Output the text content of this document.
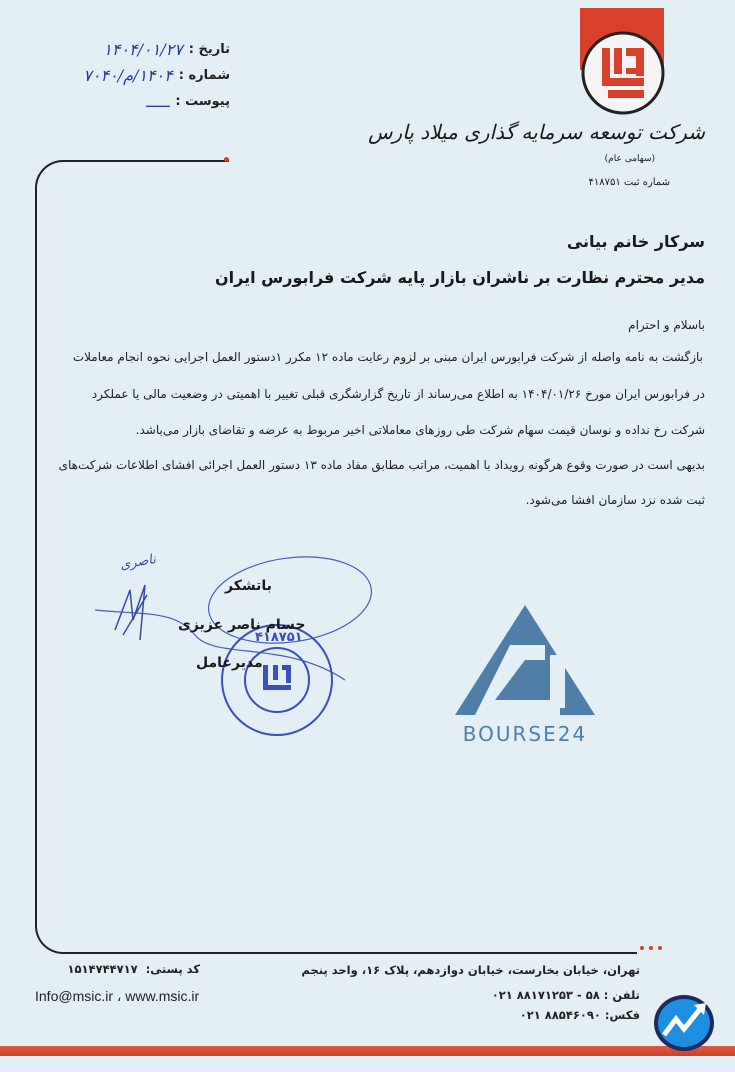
تاریخ :
۱۴۰۴/۰۱/۲۷
شماره :
۱۴۰۴/م/۷۰۴۰
پیوست :
ـــــ
شرکت توسعه سرمایه گذاری میلاد پارس
(سهامی عام)
شماره ثبت ۴۱۸۷۵۱
سرکار خانم بیانی
مدیر محترم نظارت بر ناشران بازار پایه شرکت فرابورس ایران
باسلام و احترام
بازگشت به نامه واصله از شرکت فرابورس ایران مبنی بر لزوم رعایت ماده ۱۲ مکرر ۱دستور العمل اجرایی نحوه انجام معاملات
در فرابورس ایران مورخ ۱۴۰۴/۰۱/۲۶ به اطلاع می‌رساند از تاریخ گزارشگری قبلی تغییر با اهمیتی در وضعیت مالی یا عملکرد
شرکت رخ نداده و نوسان قیمت سهام شرکت طی روزهای معاملاتی اخیر مربوط به عرضه و تقاضای بازار می‌باشد.
بدیهی است در صورت وقوع هرگونه رویداد با اهمیت، مراتب مطابق مفاد ماده ۱۳ دستور العمل اجرائی افشای اطلاعات شرکت‌های
ثبت شده نزد سازمان افشا می‌شود.
ناصری
۴۱۸۷۵۱
باتشکر
حسام ناصر عزیزی
مدیرعامل
BOURSE24
تهران، خیابان بخارست، خیابان دوازدهم، پلاک ۱۶، واحد پنجم
تلفن : ۵۸ - ۸۸۱۷۱۲۵۳ ۰۲۱
فکس: ۸۸۵۴۶۰۹۰ ۰۲۱
کد پستی:
۱۵۱۴۷۴۴۷۱۷
Info@msic.ir ، www.msic.ir
